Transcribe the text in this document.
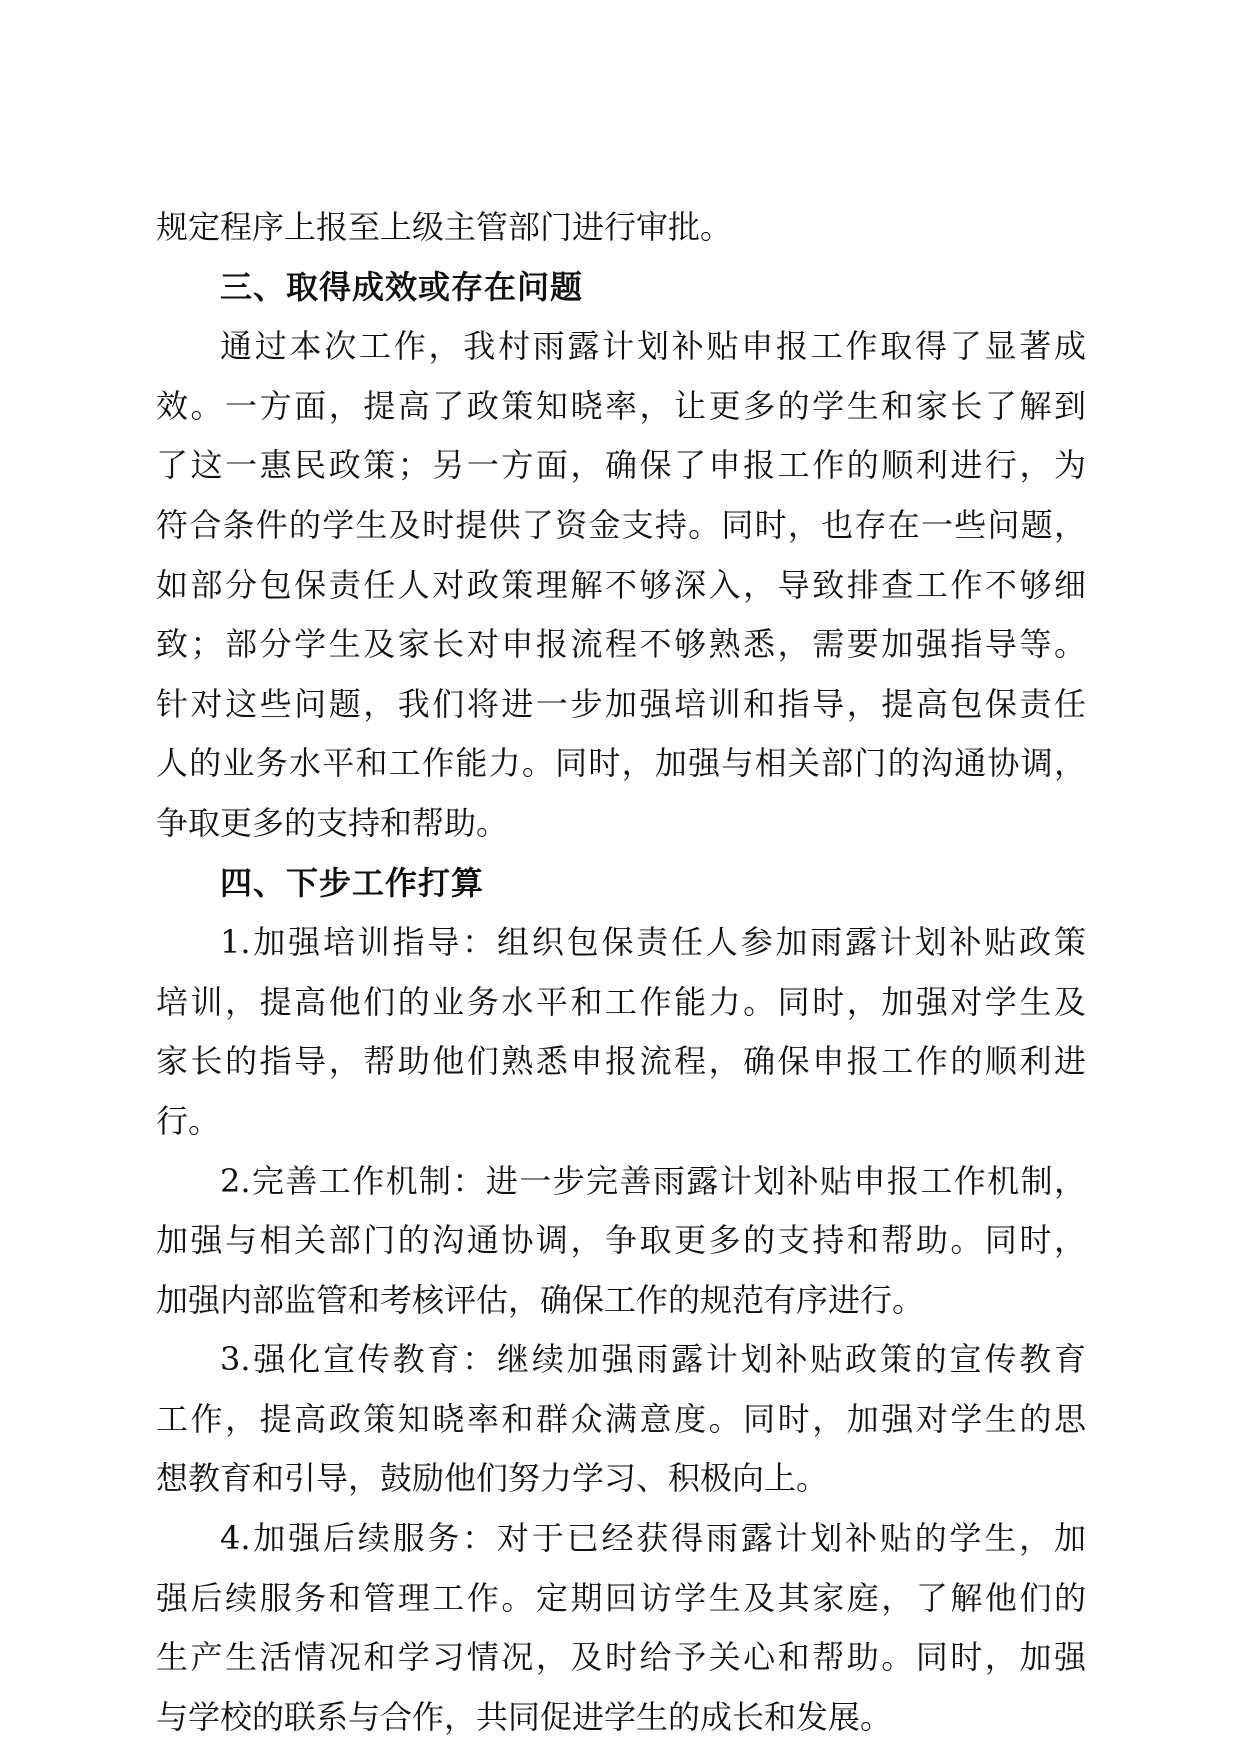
规定程序上报至上级主管部门进行审批。
三、取得成效或存在问题
通过本次工作，我村雨露计划补贴申报工作取得了显著成
效。一方面，提高了政策知晓率，让更多的学生和家长了解到
了这一惠民政策；另一方面，确保了申报工作的顺利进行，为
符合条件的学生及时提供了资金支持。同时，也存在一些问题，
如部分包保责任人对政策理解不够深入，导致排查工作不够细
致；部分学生及家长对申报流程不够熟悉，需要加强指导等。
针对这些问题，我们将进一步加强培训和指导，提高包保责任
人的业务水平和工作能力。同时，加强与相关部门的沟通协调，
争取更多的支持和帮助。
四、下步工作打算
1.加强培训指导：组织包保责任人参加雨露计划补贴政策
培训，提高他们的业务水平和工作能力。同时，加强对学生及
家长的指导，帮助他们熟悉申报流程，确保申报工作的顺利进
行。
2.完善工作机制：进一步完善雨露计划补贴申报工作机制，
加强与相关部门的沟通协调，争取更多的支持和帮助。同时，
加强内部监管和考核评估，确保工作的规范有序进行。
3.强化宣传教育：继续加强雨露计划补贴政策的宣传教育
工作，提高政策知晓率和群众满意度。同时，加强对学生的思
想教育和引导，鼓励他们努力学习、积极向上。
4.加强后续服务：对于已经获得雨露计划补贴的学生，加
强后续服务和管理工作。定期回访学生及其家庭，了解他们的
生产生活情况和学习情况，及时给予关心和帮助。同时，加强
与学校的联系与合作，共同促进学生的成长和发展。
